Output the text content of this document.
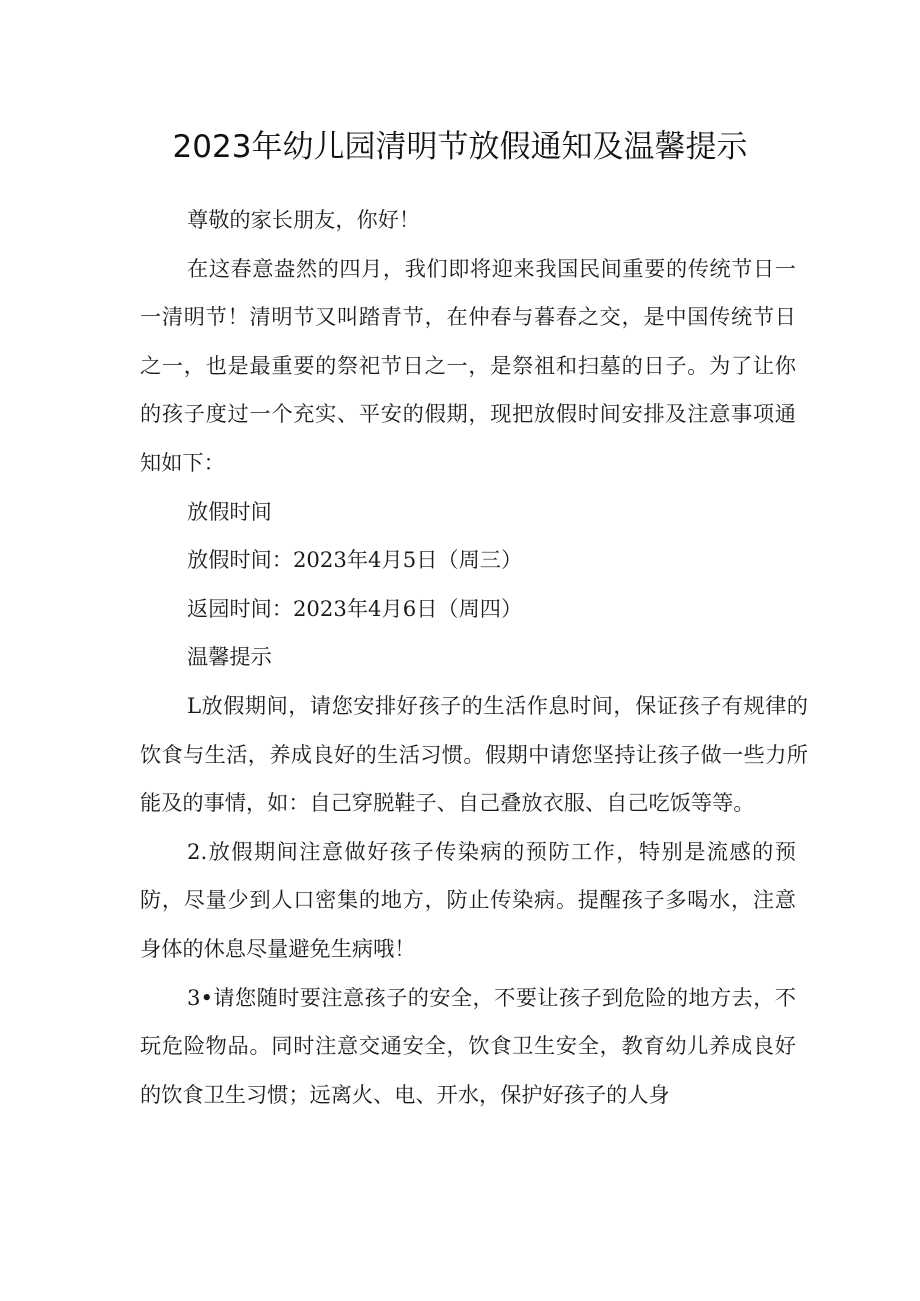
2023年幼儿园清明节放假通知及温馨提示

尊敬的家长朋友，你好！

在这春意盎然的四月，我们即将迎来我国民间重要的传统节日一一清明节！清明节又叫踏青节，在仲春与暮春之交，是中国传统节日之一，也是最重要的祭祀节日之一，是祭祖和扫墓的日子。为了让你的孩子度过一个充实、平安的假期，现把放假时间安排及注意事项通知如下：

放假时间

放假时间：2023年4月5日（周三）

返园时间：2023年4月6日（周四）

温馨提示

L放假期间，请您安排好孩子的生活作息时间，保证孩子有规律的饮食与生活，养成良好的生活习惯。假期中请您坚持让孩子做一些力所能及的事情，如：自己穿脱鞋子、自己叠放衣服、自己吃饭等等。

2.放假期间注意做好孩子传染病的预防工作，特别是流感的预防，尽量少到人口密集的地方，防止传染病。提醒孩子多喝水，注意身体的休息尽量避免生病哦！

3•请您随时要注意孩子的安全，不要让孩子到危险的地方去，不玩危险物品。同时注意交通安全，饮食卫生安全，教育幼儿养成良好的饮食卫生习惯；远离火、电、开水，保护好孩子的人身
